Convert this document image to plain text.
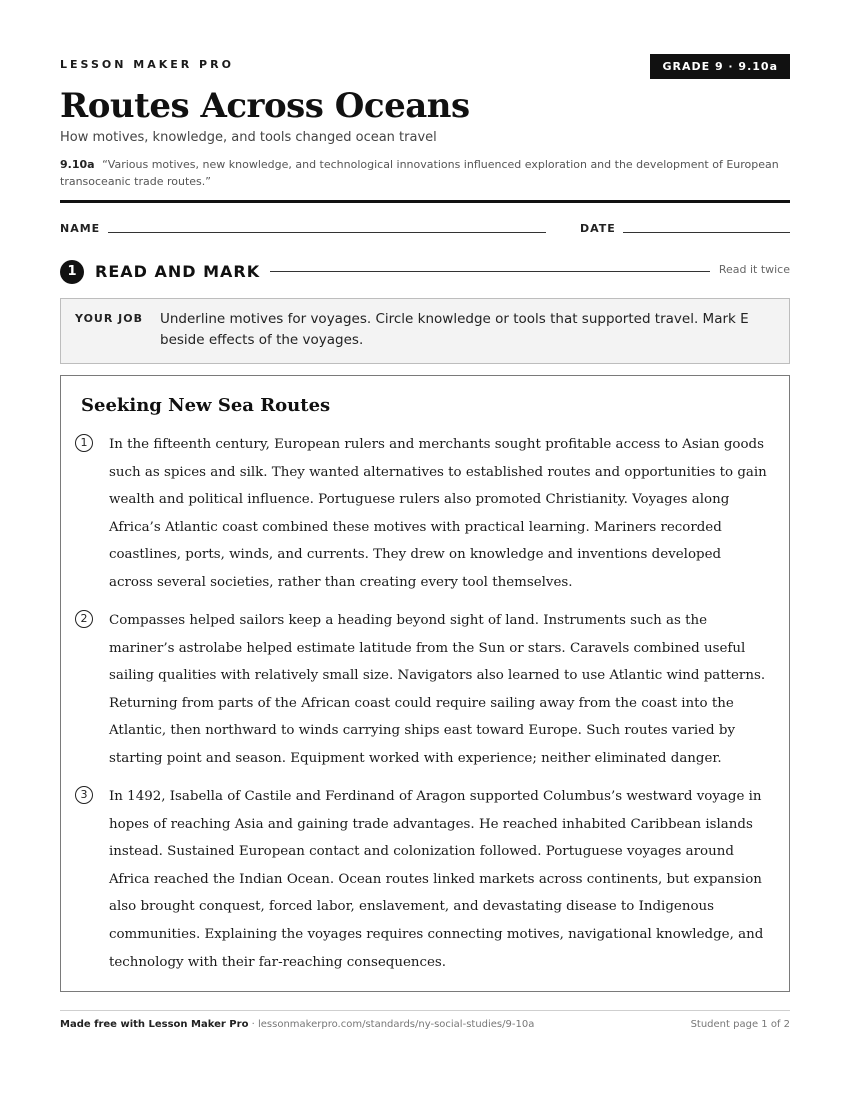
LESSON MAKER PRO	GRADE 9 · 9.10a
Routes Across Oceans
How motives, knowledge, and tools changed ocean travel
9.10a “Various motives, new knowledge, and technological innovations influenced exploration and the development of European transoceanic trade routes.”
NAME	DATE
1	READ AND MARK	Read it twice
YOUR JOB Underline motives for voyages. Circle knowledge or tools that supported travel. Mark E beside effects of the voyages.
Seeking New Sea Routes
1	In the fifteenth century, European rulers and merchants sought profitable access to Asian goods such as spices and silk. They wanted alternatives to established routes and opportunities to gain wealth and political influence. Portuguese rulers also promoted Christianity. Voyages along Africa’s Atlantic coast combined these motives with practical learning. Mariners recorded coastlines, ports, winds, and currents. They drew on knowledge and inventions developed across several societies, rather than creating every tool themselves.

2	Compasses helped sailors keep a heading beyond sight of land. Instruments such as the mariner’s astrolabe helped estimate latitude from the Sun or stars. Caravels combined useful sailing qualities with relatively small size. Navigators also learned to use Atlantic wind patterns. Returning from parts of the African coast could require sailing away from the coast into the Atlantic, then northward to winds carrying ships east toward Europe. Such routes varied by starting point and season. Equipment worked with experience; neither eliminated danger.

3	In 1492, Isabella of Castile and Ferdinand of Aragon supported Columbus’s westward voyage in hopes of reaching Asia and gaining trade advantages. He reached inhabited Caribbean islands instead. Sustained European contact and colonization followed. Portuguese voyages around Africa reached the Indian Ocean. Ocean routes linked markets across continents, but expansion also brought conquest, forced labor, enslavement, and devastating disease to Indigenous communities. Explaining the voyages requires connecting motives, navigational knowledge, and technology with their far-reaching consequences.

Made free with Lesson Maker Pro · lessonmakerpro.com/standards/ny-social-studies/9-10a	Student page 1 of 2
